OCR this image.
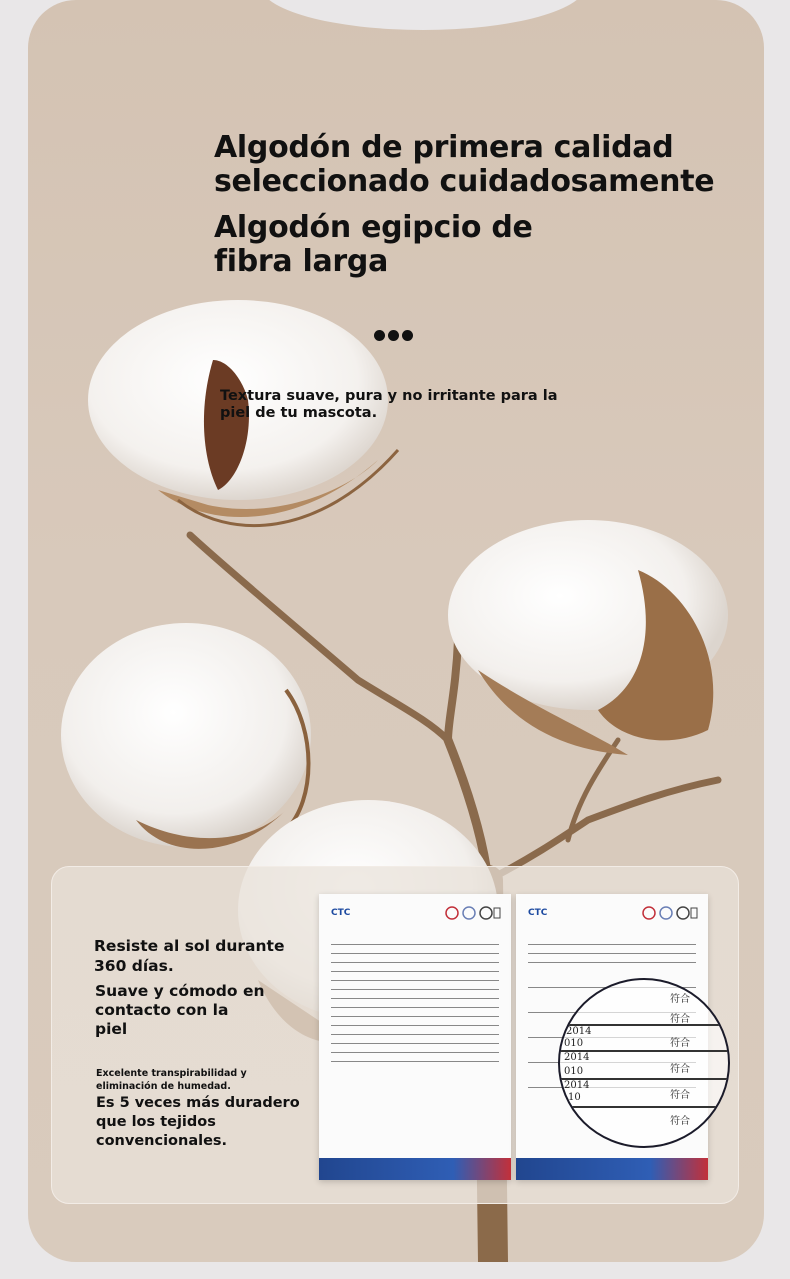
Algodón de primera calidad
seleccionado cuidadosamente
Algodón egipcio de
fibra larga

Textura suave, pura y no irritante para la piel de tu mascota.

Resiste al sol durante 360 días.

Suave y cómodo en contacto con la piel

Excelente transpirabilidad y eliminación de humedad.

Es 5 veces más duradero que los tejidos convencionales.

CTC	CTC
2014
010
2014
010
2014
10
符合
符合
符合
符合
符合
符合
